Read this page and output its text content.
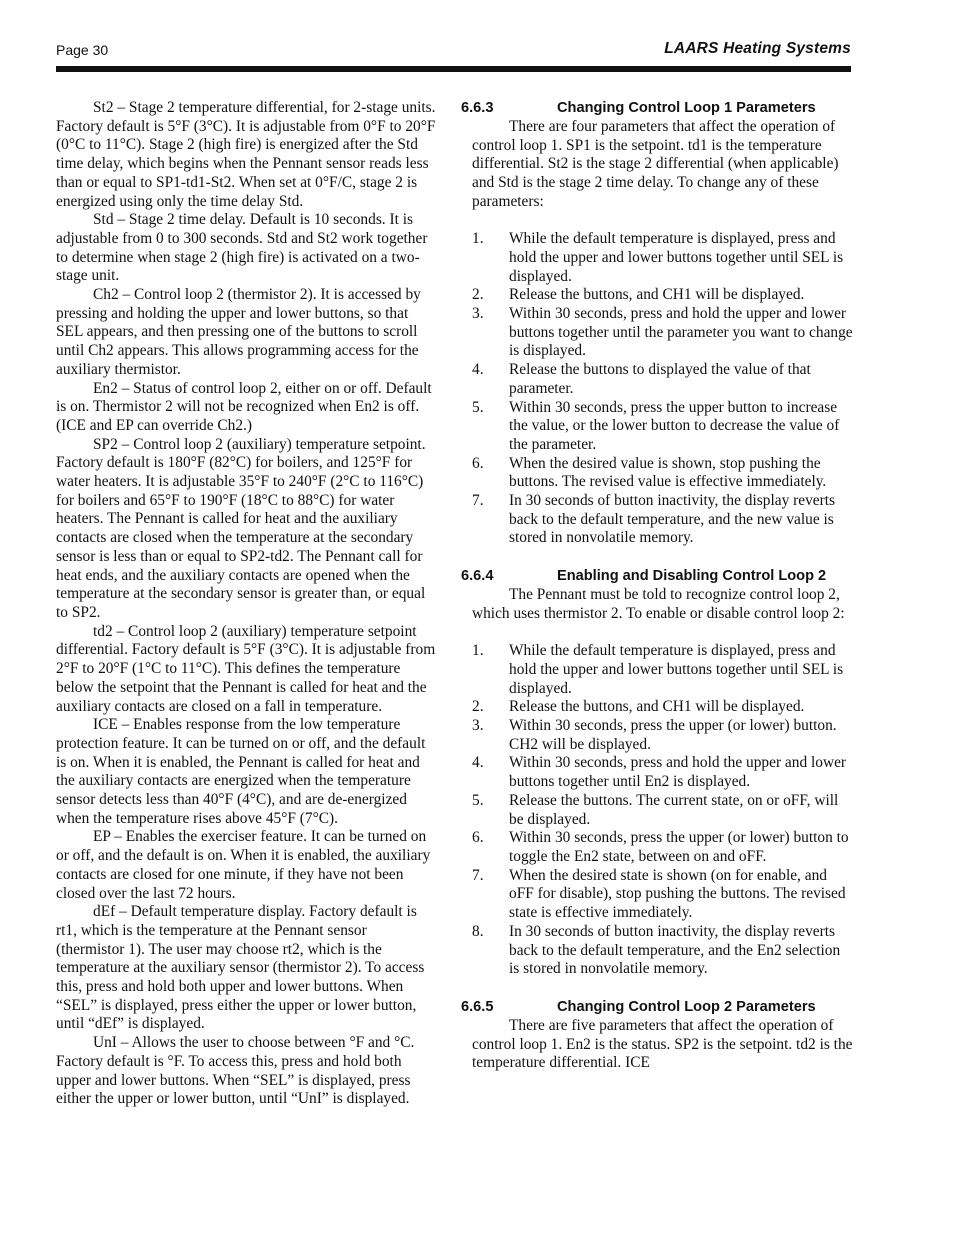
Page 30	LAARS Heating Systems

St2 – Stage 2 temperature differential, for 2-stage units. Factory default is 5°F (3°C). It is adjustable from 0°F to 20°F (0°C to 11°C). Stage 2 (high fire) is energized after the Std time delay, which begins when the Pennant sensor reads less than or equal to SP1-td1-St2. When set at 0°F/C, stage 2 is energized using only the time delay Std.

Std – Stage 2 time delay. Default is 10 seconds. It is adjustable from 0 to 300 seconds. Std and St2 work together to determine when stage 2 (high fire) is activated on a two-stage unit.

Ch2 – Control loop 2 (thermistor 2). It is accessed by pressing and holding the upper and lower buttons, so that SEL appears, and then pressing one of the buttons to scroll until Ch2 appears. This allows programming access for the auxiliary thermistor.

En2 – Status of control loop 2, either on or off. Default is on. Thermistor 2 will not be recognized when En2 is off. (ICE and EP can override Ch2.)

SP2 – Control loop 2 (auxiliary) temperature setpoint. Factory default is 180°F (82°C) for boilers, and 125°F for water heaters. It is adjustable 35°F to 240°F (2°C to 116°C) for boilers and 65°F to 190°F (18°C to 88°C) for water heaters. The Pennant is called for heat and the auxiliary contacts are closed when the temperature at the secondary sensor is less than or equal to SP2-td2. The Pennant call for heat ends, and the auxiliary contacts are opened when the temperature at the secondary sensor is greater than, or equal to SP2.

td2 – Control loop 2 (auxiliary) temperature setpoint differential. Factory default is 5°F (3°C). It is adjustable from 2°F to 20°F (1°C to 11°C). This defines the temperature below the setpoint that the Pennant is called for heat and the auxiliary contacts are closed on a fall in temperature.

ICE – Enables response from the low temperature protection feature. It can be turned on or off, and the default is on. When it is enabled, the Pennant is called for heat and the auxiliary contacts are energized when the temperature sensor detects less than 40°F (4°C), and are de-energized when the temperature rises above 45°F (7°C).

EP – Enables the exerciser feature. It can be turned on or off, and the default is on. When it is enabled, the auxiliary contacts are closed for one minute, if they have not been closed over the last 72 hours.

dEf – Default temperature display. Factory default is rt1, which is the temperature at the Pennant sensor (thermistor 1). The user may choose rt2, which is the temperature at the auxiliary sensor (thermistor 2). To access this, press and hold both upper and lower buttons. When “SEL” is displayed, press either the upper or lower button, until “dEf” is displayed.

UnI – Allows the user to choose between °F and °C. Factory default is °F. To access this, press and hold both upper and lower buttons. When “SEL” is displayed, press either the upper or lower button, until “UnI” is displayed.

6.6.3	Changing Control Loop 1 Parameters

There are four parameters that affect the operation of control loop 1. SP1 is the setpoint. td1 is the temperature differential. St2 is the stage 2 differential (when applicable) and Std is the stage 2 time delay. To change any of these parameters:

1. While the default temperature is displayed, press and hold the upper and lower buttons together until SEL is displayed.
2. Release the buttons, and CH1 will be displayed.
3. Within 30 seconds, press and hold the upper and lower buttons together until the parameter you want to change is displayed.
4. Release the buttons to displayed the value of that parameter.
5. Within 30 seconds, press the upper button to increase the value, or the lower button to decrease the value of the parameter.
6. When the desired value is shown, stop pushing the buttons. The revised value is effective immediately.
7. In 30 seconds of button inactivity, the display reverts back to the default temperature, and the new value is stored in nonvolatile memory.
6.6.4	Enabling and Disabling Control Loop 2

The Pennant must be told to recognize control loop 2, which uses thermistor 2. To enable or disable control loop 2:

1. While the default temperature is displayed, press and hold the upper and lower buttons together until SEL is displayed.
2. Release the buttons, and CH1 will be displayed.
3. Within 30 seconds, press the upper (or lower) button. CH2 will be displayed.
4. Within 30 seconds, press and hold the upper and lower buttons together until En2 is displayed.
5. Release the buttons. The current state, on or oFF, will be displayed.
6. Within 30 seconds, press the upper (or lower) button to toggle the En2 state, between on and oFF.
7. When the desired state is shown (on for enable, and oFF for disable), stop pushing the buttons. The revised state is effective immediately.
8. In 30 seconds of button inactivity, the display reverts back to the default temperature, and the En2 selection is stored in nonvolatile memory.
6.6.5	Changing Control Loop 2 Parameters

There are five parameters that affect the operation of control loop 1. En2 is the status. SP2 is the setpoint. td2 is the temperature differential. ICE
